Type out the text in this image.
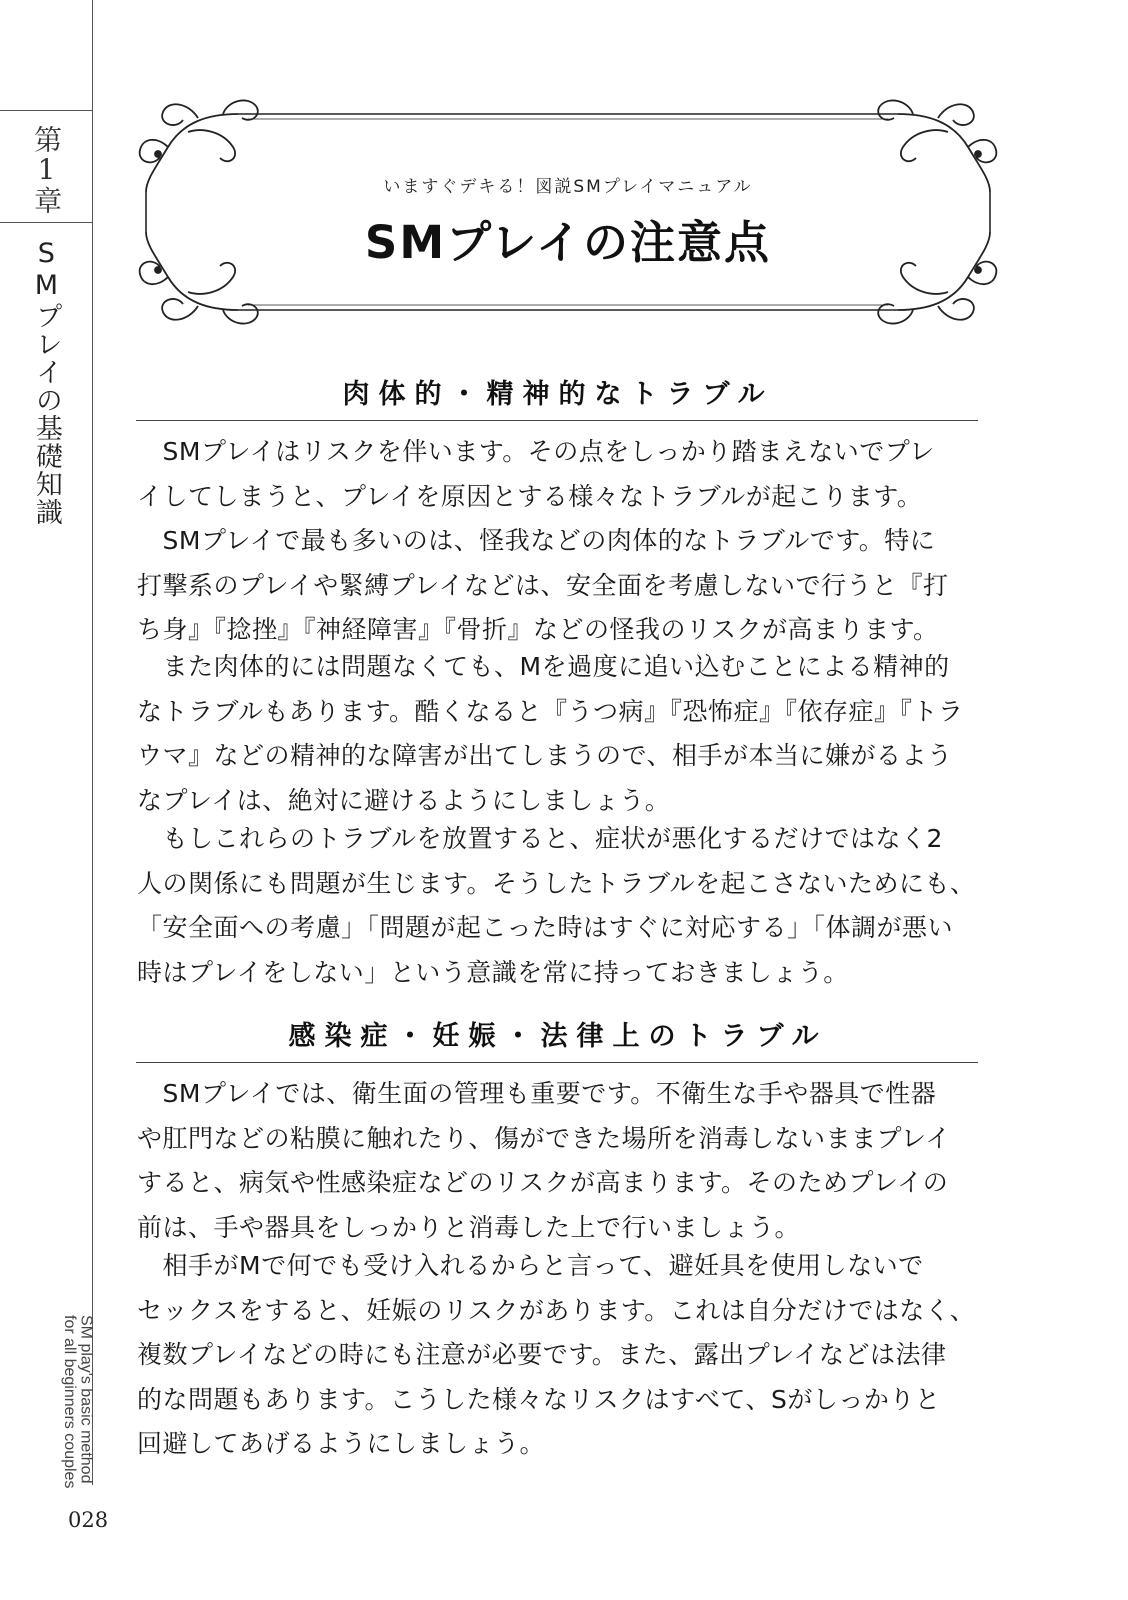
第1章
SMプレイの基礎知識
SM play's basic method
for all beginners couples
028
いますぐデキる！図説SMプレイマニュアル
SMプレイの注意点
肉体的・精神的なトラブル

　SMプレイはリスクを伴います。その点をしっかり踏まえないでプレ
イしてしまうと、プレイを原因とする様々なトラブルが起こります。

　SMプレイで最も多いのは、怪我などの肉体的なトラブルです。特に
打撃系のプレイや緊縛プレイなどは、安全面を考慮しないで行うと『打
ち身』『捻挫』『神経障害』『骨折』などの怪我のリスクが高まります。

　また肉体的には問題なくても、Mを過度に追い込むことによる精神的
なトラブルもあります。酷くなると『うつ病』『恐怖症』『依存症』『トラ
ウマ』などの精神的な障害が出てしまうので、相手が本当に嫌がるよう
なプレイは、絶対に避けるようにしましょう。

　もしこれらのトラブルを放置すると、症状が悪化するだけではなく2
人の関係にも問題が生じます。そうしたトラブルを起こさないためにも、
「安全面への考慮」「問題が起こった時はすぐに対応する」「体調が悪い
時はプレイをしない」という意識を常に持っておきましょう。

感染症・妊娠・法律上のトラブル

　SMプレイでは、衛生面の管理も重要です。不衛生な手や器具で性器
や肛門などの粘膜に触れたり、傷ができた場所を消毒しないままプレイ
すると、病気や性感染症などのリスクが高まります。そのためプレイの
前は、手や器具をしっかりと消毒した上で行いましょう。

　相手がMで何でも受け入れるからと言って、避妊具を使用しないで
セックスをすると、妊娠のリスクがあります。これは自分だけではなく、
複数プレイなどの時にも注意が必要です。また、露出プレイなどは法律
的な問題もあります。こうした様々なリスクはすべて、Sがしっかりと
回避してあげるようにしましょう。
